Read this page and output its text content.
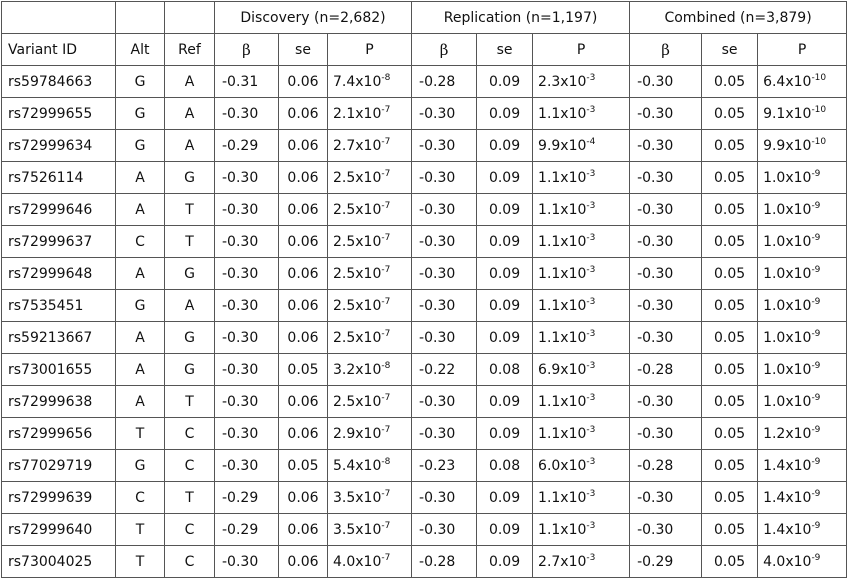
			Discovery (n=2,682)			Replication (n=1,197)			Combined (n=3,879)		
Variant ID	Alt	Ref	β	se	P	β	se	P	β	se	P
rs59784663	G	A	-0.31	0.06	$7.4x10^{-8}$	-0.28	0.09	$2.3x10^{-3}$	-0.30	0.05	$6.4x10^{-10}$
rs72999655	G	A	-0.30	0.06	$2.1x10^{-7}$	-0.30	0.09	$1.1x10^{-3}$	-0.30	0.05	$9.1x10^{-10}$
rs72999634	G	A	-0.29	0.06	$2.7x10^{-7}$	-0.30	0.09	$9.9x10^{-4}$	-0.30	0.05	$9.9x10^{-10}$
rs7526114	A	G	-0.30	0.06	$2.5x10^{-7}$	-0.30	0.09	$1.1x10^{-3}$	-0.30	0.05	$1.0x10^{-9}$
rs72999646	A	T	-0.30	0.06	$2.5x10^{-7}$	-0.30	0.09	$1.1x10^{-3}$	-0.30	0.05	$1.0x10^{-9}$
rs72999637	C	T	-0.30	0.06	$2.5x10^{-7}$	-0.30	0.09	$1.1x10^{-3}$	-0.30	0.05	$1.0x10^{-9}$
rs72999648	A	G	-0.30	0.06	$2.5x10^{-7}$	-0.30	0.09	$1.1x10^{-3}$	-0.30	0.05	$1.0x10^{-9}$
rs7535451	G	A	-0.30	0.06	$2.5x10^{-7}$	-0.30	0.09	$1.1x10^{-3}$	-0.30	0.05	$1.0x10^{-9}$
rs59213667	A	G	-0.30	0.06	$2.5x10^{-7}$	-0.30	0.09	$1.1x10^{-3}$	-0.30	0.05	$1.0x10^{-9}$
rs73001655	A	G	-0.30	0.05	$3.2x10^{-8}$	-0.22	0.08	$6.9x10^{-3}$	-0.28	0.05	$1.0x10^{-9}$
rs72999638	A	T	-0.30	0.06	$2.5x10^{-7}$	-0.30	0.09	$1.1x10^{-3}$	-0.30	0.05	$1.0x10^{-9}$
rs72999656	T	C	-0.30	0.06	$2.9x10^{-7}$	-0.30	0.09	$1.1x10^{-3}$	-0.30	0.05	$1.2x10^{-9}$
rs77029719	G	C	-0.30	0.05	$5.4x10^{-8}$	-0.23	0.08	$6.0x10^{-3}$	-0.28	0.05	$1.4x10^{-9}$
rs72999639	C	T	-0.29	0.06	$3.5x10^{-7}$	-0.30	0.09	$1.1x10^{-3}$	-0.30	0.05	$1.4x10^{-9}$
rs72999640	T	C	-0.29	0.06	$3.5x10^{-7}$	-0.30	0.09	$1.1x10^{-3}$	-0.30	0.05	$1.4x10^{-9}$
rs73004025	T	C	-0.30	0.06	$4.0x10^{-7}$	-0.28	0.09	$2.7x10^{-3}$	-0.29	0.05	$4.0x10^{-9}$
